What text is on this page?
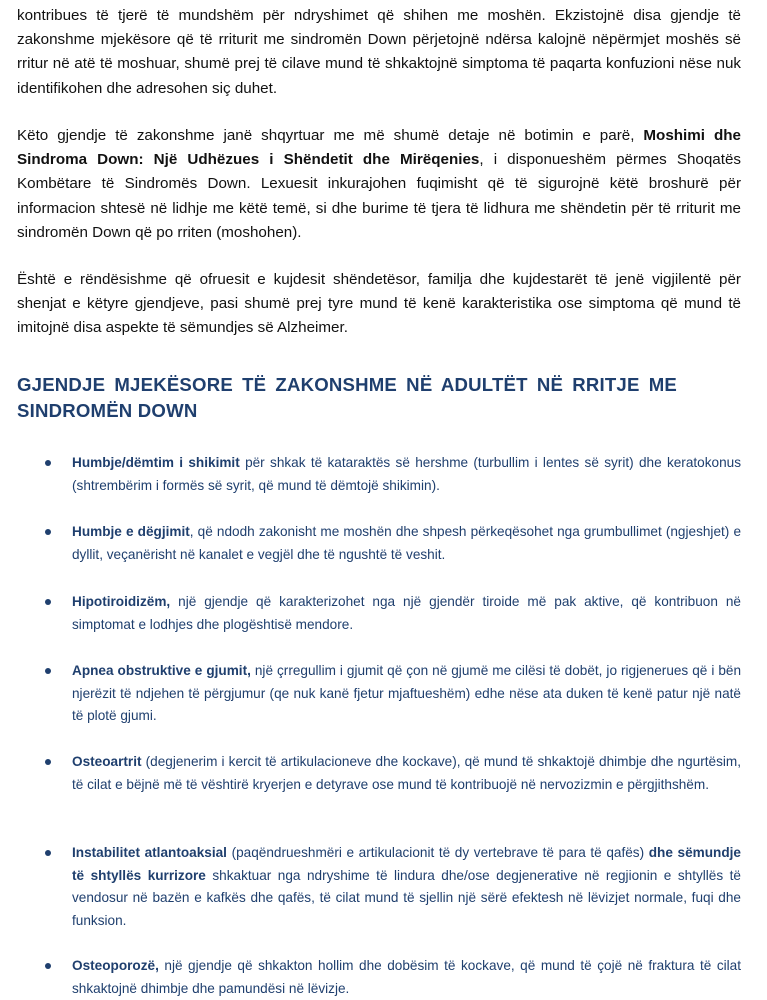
kontribues të tjerë të mundshëm për ndryshimet që shihen me moshën. Ekzistojnë disa gjendje të zakonshme mjekësore që të rriturit me sindromën Down përjetojnë ndërsa kalojnë nëpërmjet moshës së rritur në atë të moshuar, shumë prej të cilave mund të shkaktojnë simptoma të paqarta konfuzioni nëse nuk identifikohen dhe adresohen siç duhet.

Këto gjendje të zakonshme janë shqyrtuar me më shumë detaje në botimin e parë, Moshimi dhe Sindroma Down: Një Udhëzues i Shëndetit dhe Mirëqenies, i disponueshëm përmes Shoqatës Kombëtare të Sindromës Down. Lexuesit inkurajohen fuqimisht që të sigurojnë këtë broshurë për informacion shtesë në lidhje me këtë temë, si dhe burime të tjera të lidhura me shëndetin për të rriturit me sindromën Down që po rriten (moshohen).

Është e rëndësishme që ofruesit e kujdesit shëndetësor, familja dhe kujdestarët të jenë vigjilentë për shenjat e këtyre gjendjeve, pasi shumë prej tyre mund të kenë karakteristika ose simptoma që mund të imitojnë disa aspekte të sëmundjes së Alzheimer.

GJENDJE MJEKËSORE TË ZAKONSHME NË ADULTËT NË RRITJE ME SINDROMËN DOWN

Humbje/dëmtim i shikimit për shkak të kataraktës së hershme (turbullim i lentes së syrit) dhe keratokonus (shtrembërim i formës së syrit, që mund të dëmtojë shikimin).

Humbje e dëgjimit, që ndodh zakonisht me moshën dhe shpesh përkeqësohet nga grumbullimet (ngjeshjet) e dyllit, veçanërisht në kanalet e vegjël dhe të ngushtë të veshit.

Hipotiroidizëm, një gjendje që karakterizohet nga një gjendër tiroide më pak aktive, që kontribuon në simptomat e lodhjes dhe plogështisë mendore.

Apnea obstruktive e gjumit, një çrregullim i gjumit që çon në gjumë me cilësi të dobët, jo rigjenerues që i bën njerëzit të ndjehen të përgjumur (qe nuk kanë fjetur mjaftueshëm) edhe nëse ata duken të kenë patur një natë të plotë gjumi.

Osteoartrit (degjenerim i kercit të artikulacioneve dhe kockave), që mund të shkaktojë dhimbje dhe ngurtësim, të cilat e bëjnë më të vështirë kryerjen e detyrave ose mund të kontribuojë në nervozizmin e përgjithshëm.

Instabilitet atlantoaksial (paqëndrueshmëri e artikulacionit të dy vertebrave të para të qafës) dhe sëmundje të shtyllës kurrizore shkaktuar nga ndryshime të lindura dhe/ose degjenerative në regjionin e shtyllës të vendosur në bazën e kafkës dhe qafës, të cilat mund të sjellin një sërë efektesh në lëvizjet normale, fuqi dhe funksion.

Osteoporozë, një gjendje që shkakton hollim dhe dobësim të kockave, që mund të çojë në fraktura të cilat shkaktojnë dhimbje dhe pamundësi në lëvizje.
